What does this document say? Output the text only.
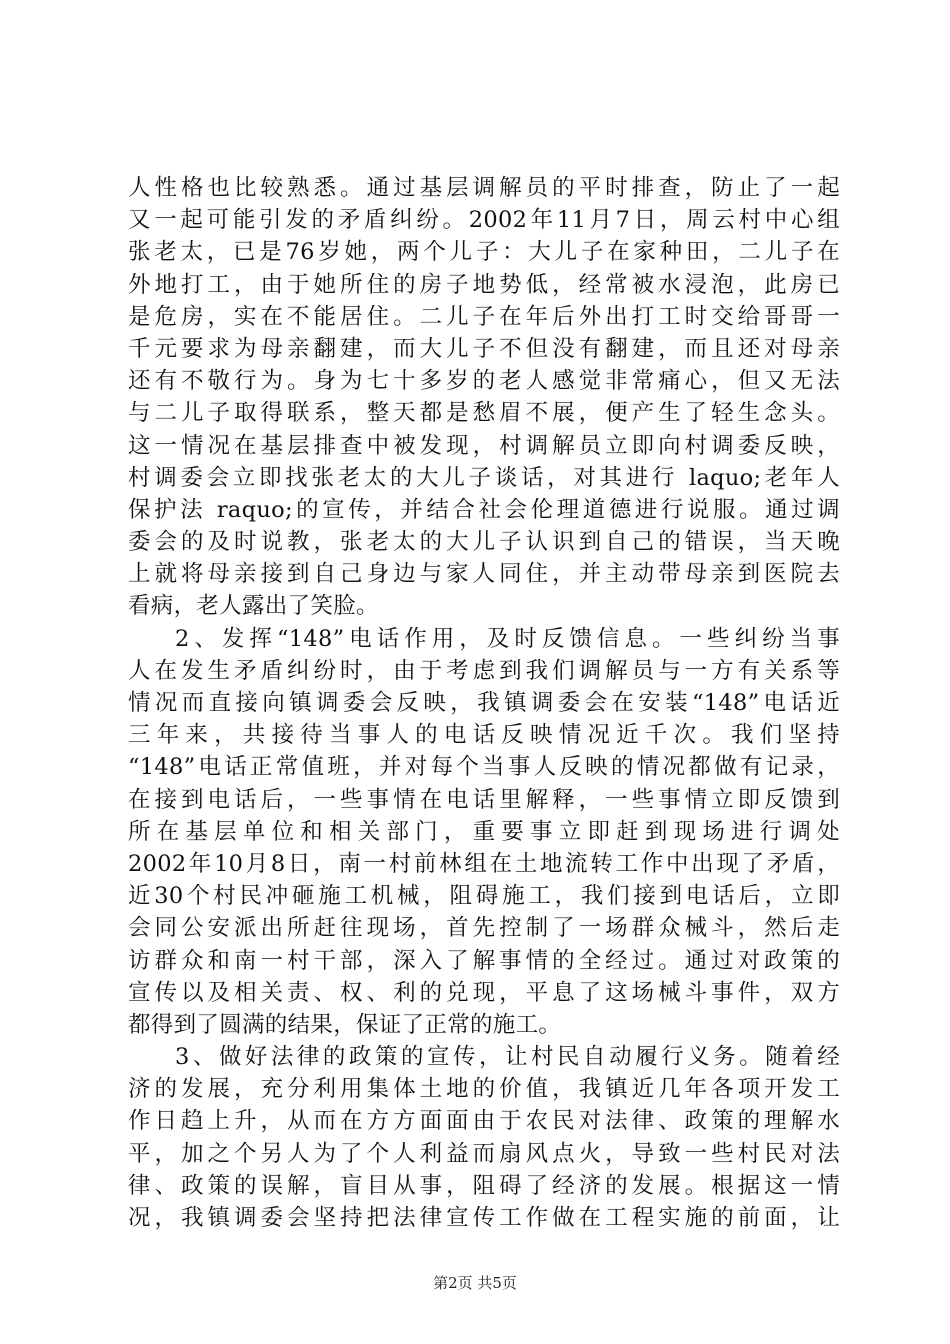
人性格也比较熟悉。通过基层调解员的平时排查，防止了一起
又一起可能引发的矛盾纠纷。2002年11月7日，周云村中心组
张老太，已是76岁她，两个儿子：大儿子在家种田，二儿子在
外地打工，由于她所住的房子地势低，经常被水浸泡，此房已
是危房，实在不能居住。二儿子在年后外出打工时交给哥哥一
千元要求为母亲翻建，而大儿子不但没有翻建，而且还对母亲
还有不敬行为。身为七十多岁的老人感觉非常痛心，但又无法
与二儿子取得联系，整天都是愁眉不展，便产生了轻生念头。
这一情况在基层排查中被发现，村调解员立即向村调委反映，
村调委会立即找张老太的大儿子谈话，对其进行 laquo;老年人
保护法 raquo;的宣传，并结合社会伦理道德进行说服。通过调
委会的及时说教，张老太的大儿子认识到自己的错误，当天晚
上就将母亲接到自己身边与家人同住，并主动带母亲到医院去
看病，老人露出了笑脸。
2、发挥“148”电话作用，及时反馈信息。一些纠纷当事
人在发生矛盾纠纷时，由于考虑到我们调解员与一方有关系等
情况而直接向镇调委会反映，我镇调委会在安装“148”电话近
三年来，共接待当事人的电话反映情况近千次。我们坚持
“148”电话正常值班，并对每个当事人反映的情况都做有记录，
在接到电话后，一些事情在电话里解释，一些事情立即反馈到
所在基层单位和相关部门，重要事立即赶到现场进行调处
2002年10月8日，南一村前林组在土地流转工作中出现了矛盾，
近30个村民冲砸施工机械，阻碍施工，我们接到电话后，立即
会同公安派出所赶往现场，首先控制了一场群众械斗，然后走
访群众和南一村干部，深入了解事情的全经过。通过对政策的
宣传以及相关责、权、利的兑现，平息了这场械斗事件，双方
都得到了圆满的结果，保证了正常的施工。
3、做好法律的政策的宣传，让村民自动履行义务。随着经
济的发展，充分利用集体土地的价值，我镇近几年各项开发工
作日趋上升，从而在方方面面由于农民对法律、政策的理解水
平，加之个另人为了个人利益而扇风点火，导致一些村民对法
律、政策的误解，盲目从事，阻碍了经济的发展。根据这一情
况，我镇调委会坚持把法律宣传工作做在工程实施的前面，让
第2页 共5页
